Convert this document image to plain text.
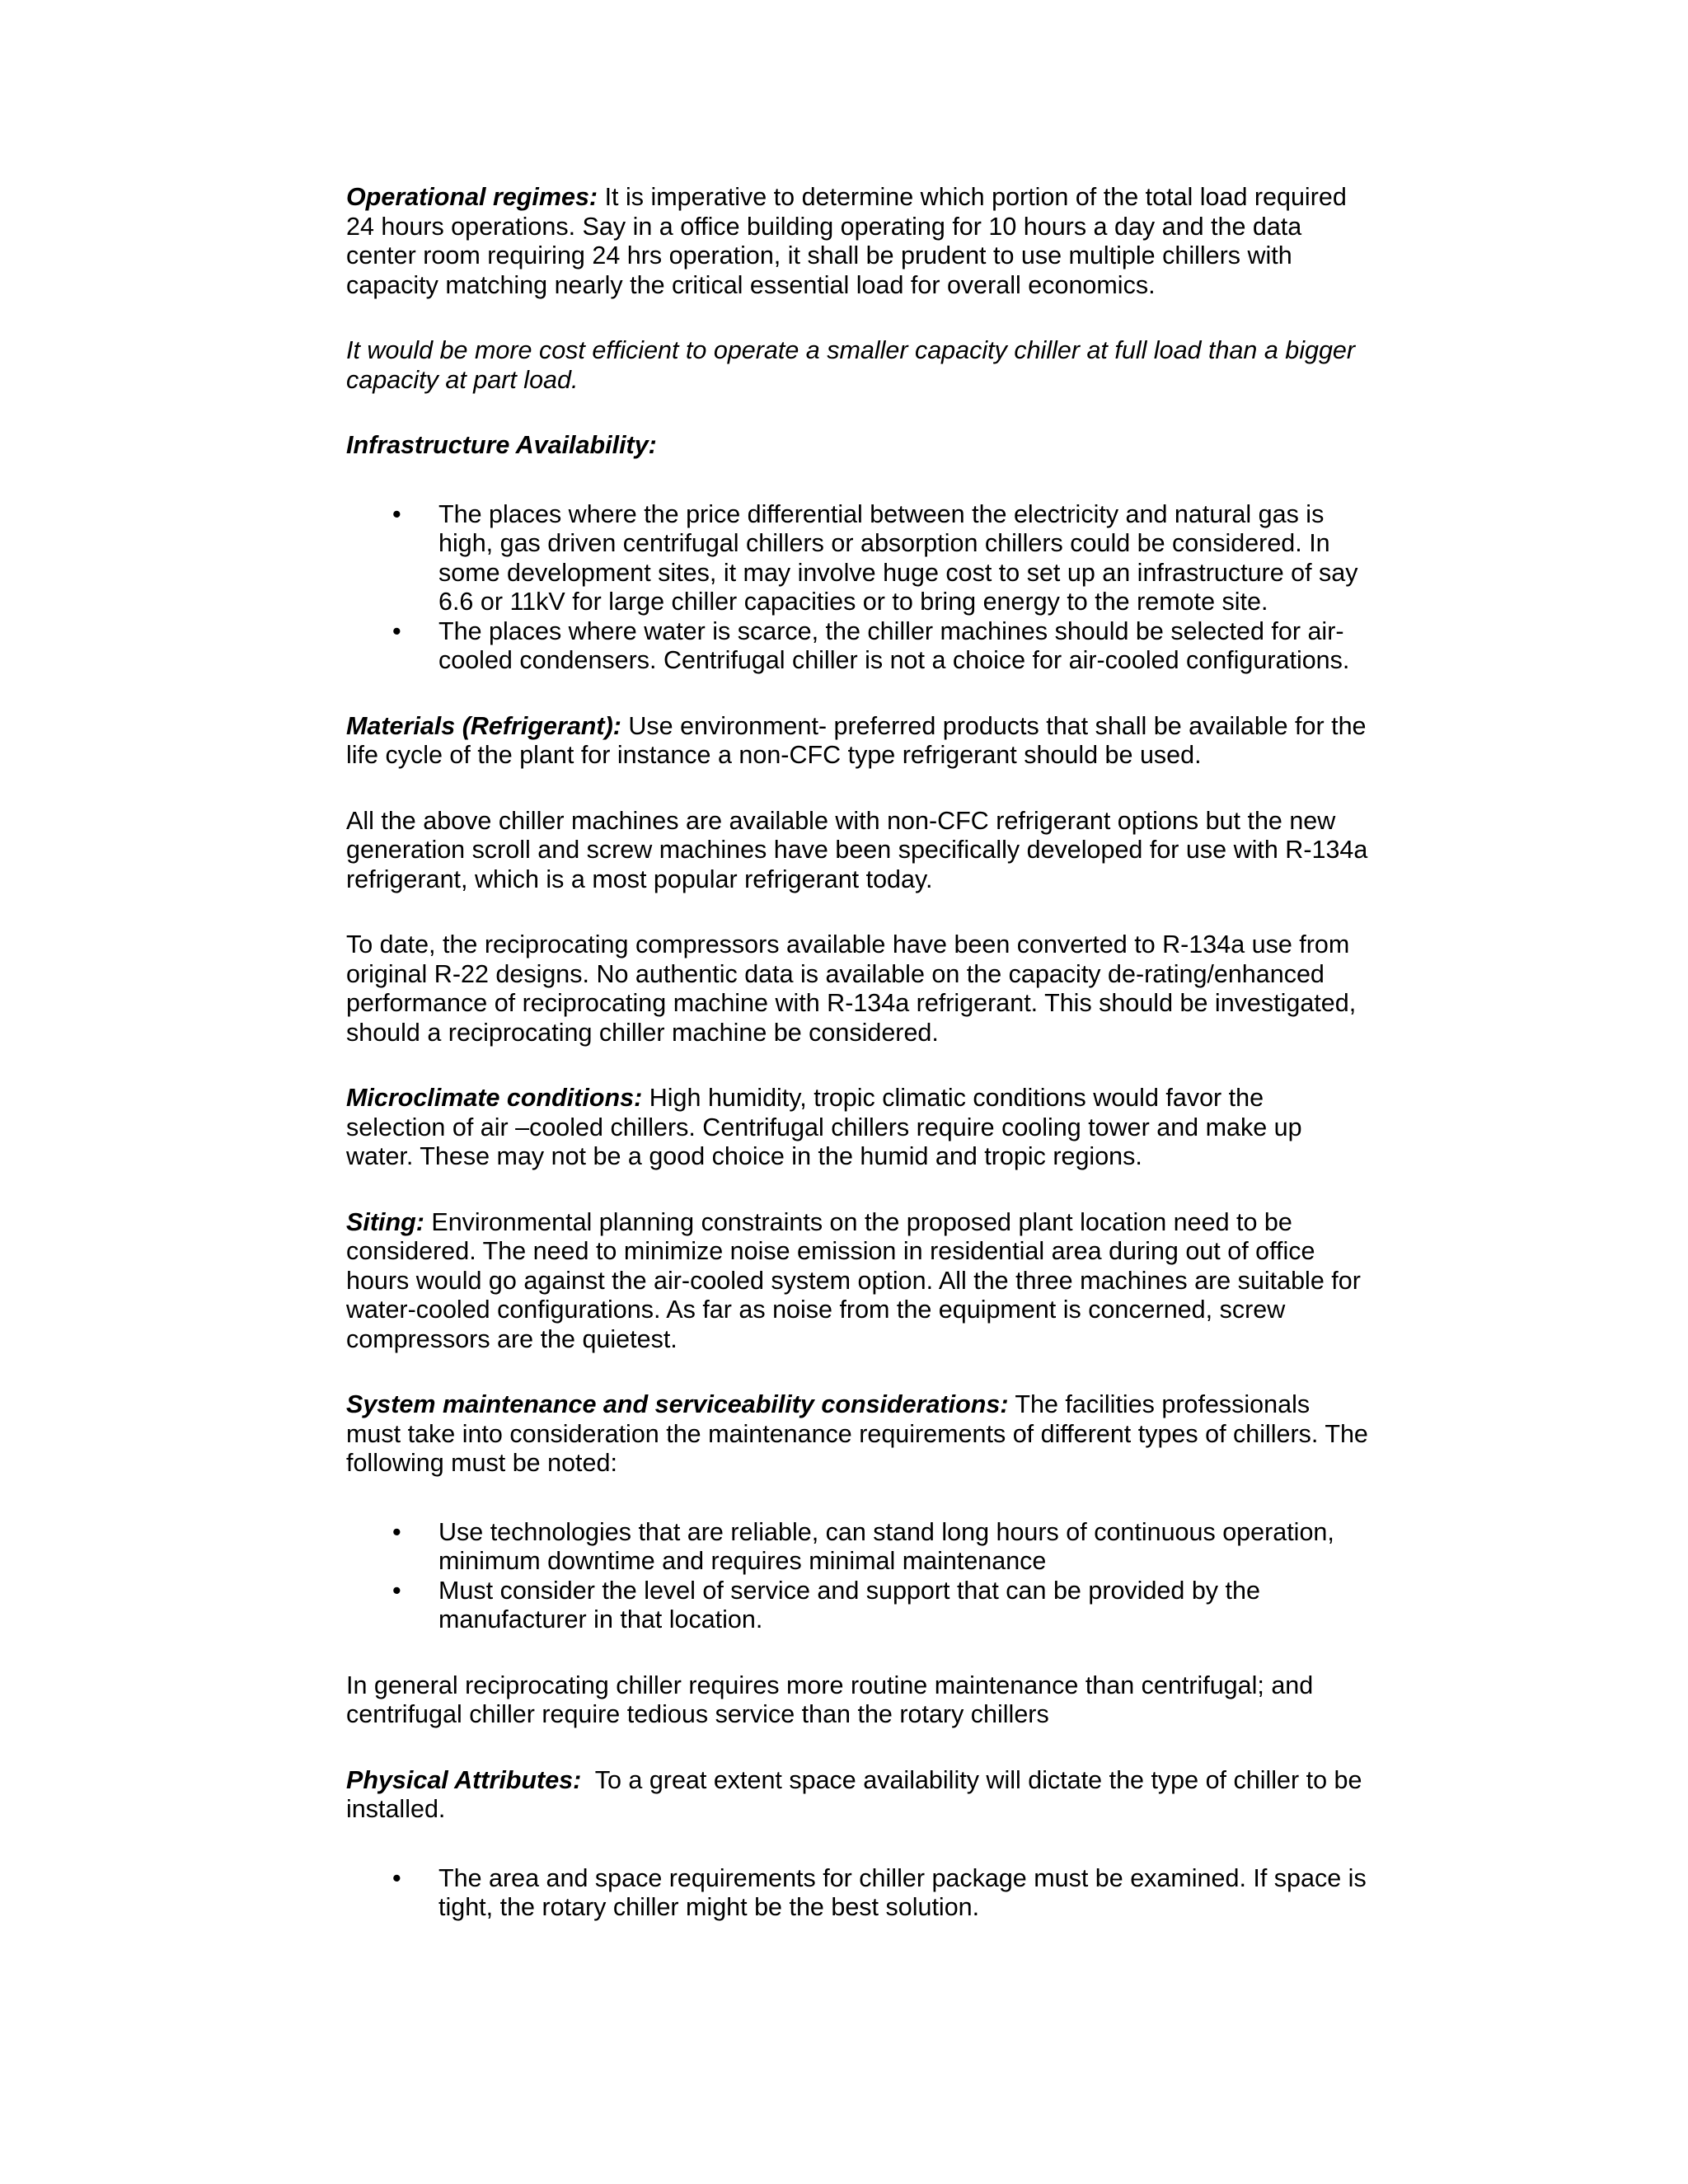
Operational regimes: It is imperative to determine which portion of the total load required 24 hours operations. Say in a office building operating for 10 hours a day and the data center room requiring 24 hrs operation, it shall be prudent to use multiple chillers with capacity matching nearly the critical essential load for overall economics.

It would be more cost efficient to operate a smaller capacity chiller at full load than a bigger capacity at part load.

Infrastructure Availability:

• The places where the price differential between the electricity and natural gas is high, gas driven centrifugal chillers or absorption chillers could be considered. In some development sites, it may involve huge cost to set up an infrastructure of say 6.6 or 11kV for large chiller capacities or to bring energy to the remote site.
• The places where water is scarce, the chiller machines should be selected for air-cooled condensers. Centrifugal chiller is not a choice for air-cooled configurations.

Materials (Refrigerant): Use environment- preferred products that shall be available for the life cycle of the plant for instance a non-CFC type refrigerant should be used.

All the above chiller machines are available with non-CFC refrigerant options but the new generation scroll and screw machines have been specifically developed for use with R-134a refrigerant, which is a most popular refrigerant today.

To date, the reciprocating compressors available have been converted to R-134a use from original R-22 designs. No authentic data is available on the capacity de-rating/enhanced performance of reciprocating machine with R-134a refrigerant. This should be investigated, should a reciprocating chiller machine be considered.

Microclimate conditions: High humidity, tropic climatic conditions would favor the selection of air –cooled chillers. Centrifugal chillers require cooling tower and make up water. These may not be a good choice in the humid and tropic regions.

Siting: Environmental planning constraints on the proposed plant location need to be considered. The need to minimize noise emission in residential area during out of office hours would go against the air-cooled system option. All the three machines are suitable for water-cooled configurations. As far as noise from the equipment is concerned, screw compressors are the quietest.

System maintenance and serviceability considerations: The facilities professionals must take into consideration the maintenance requirements of different types of chillers. The following must be noted:

• Use technologies that are reliable, can stand long hours of continuous operation, minimum downtime and requires minimal maintenance
• Must consider the level of service and support that can be provided by the manufacturer in that location.

In general reciprocating chiller requires more routine maintenance than centrifugal; and centrifugal chiller require tedious service than the rotary chillers

Physical Attributes:  To a great extent space availability will dictate the type of chiller to be installed.

• The area and space requirements for chiller package must be examined. If space is tight, the rotary chiller might be the best solution.
